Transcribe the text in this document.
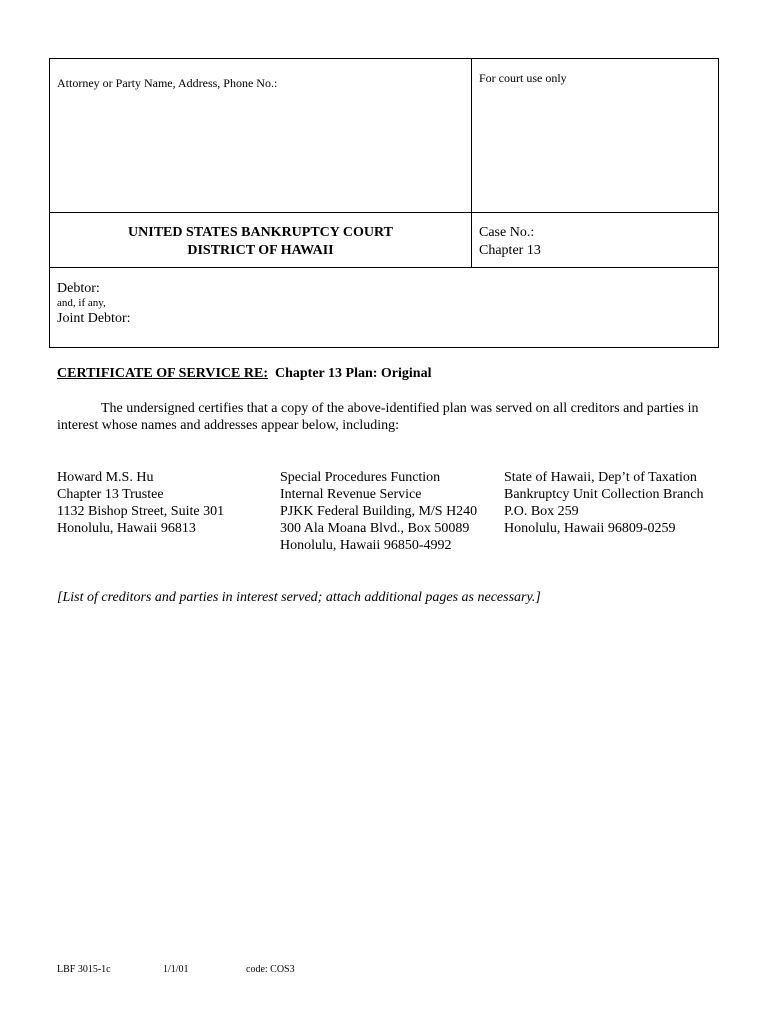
Attorney or Party Name, Address, Phone No.:	For court use only
UNITED STATES BANKRUPTCY COURT
DISTRICT OF HAWAII
Case No.:
Chapter 13
Debtor:
and, if any,
Joint Debtor:
CERTIFICATE OF SERVICE RE: Chapter 13 Plan: Original
The undersigned certifies that a copy of the above-identified plan was served on all creditors and parties in interest whose names and addresses appear below, including:
Howard M.S. Hu
Chapter 13 Trustee
1132 Bishop Street, Suite 301
Honolulu, Hawaii 96813
Special Procedures Function
Internal Revenue Service
PJKK Federal Building, M/S H240
300 Ala Moana Blvd., Box 50089
Honolulu, Hawaii 96850-4992
State of Hawaii, Dep’t of Taxation
Bankruptcy Unit Collection Branch
P.O. Box 259
Honolulu, Hawaii 96809-0259
[List of creditors and parties in interest served; attach additional pages as necessary.]
LBF 3015-1c	1/1/01	code: COS3
